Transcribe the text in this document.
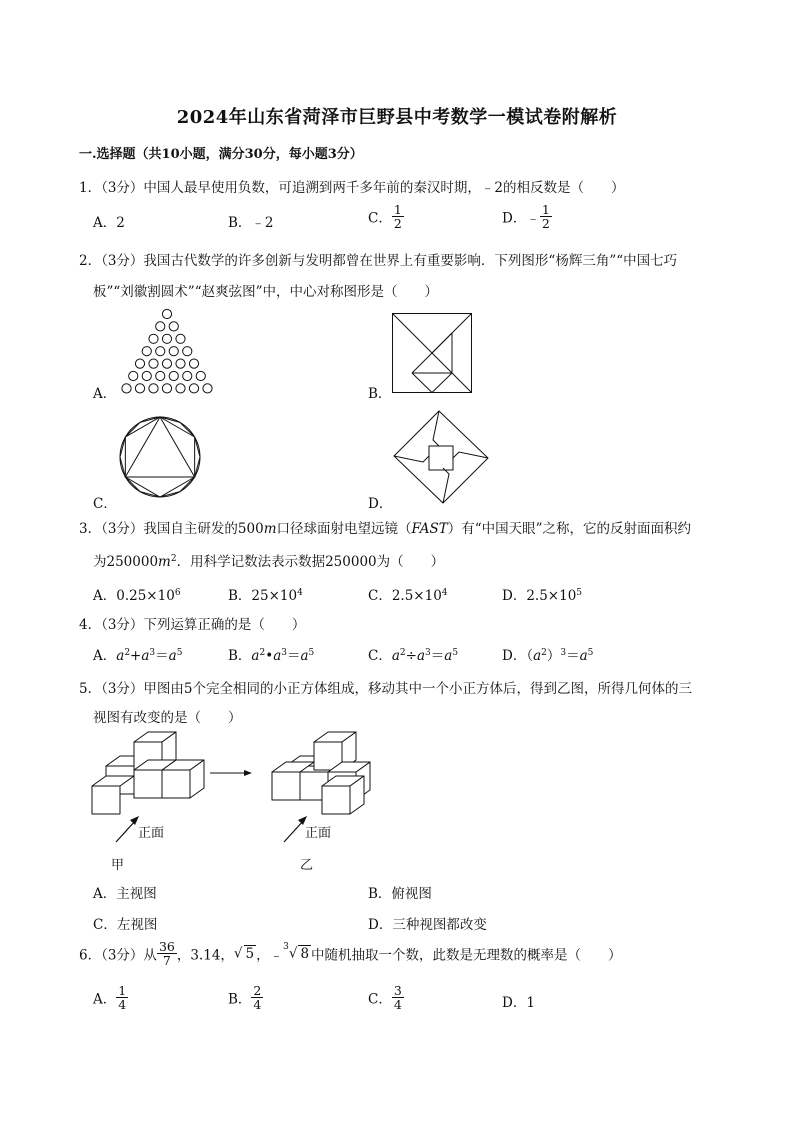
2024年山东省菏泽市巨野县中考数学一模试卷附解析
一.选择题（共10小题，满分30分，每小题3分）
1．（3分）中国人最早使用负数，可追溯到两千多年前的秦汉时期，﹣2的相反数是（　　）
A．2	B．﹣2	C． $\frac{1}{2}$	D．﹣ $\frac{1}{2}$
2．（3分）我国古代数学的许多创新与发明都曾在世界上有重要影响．下列图形“杨辉三角”“中国七巧
板”“刘徽割圆术”“赵爽弦图”中，中心对称图形是（　　）
A．	B．
C．	D．
3．（3分）我国自主研发的500m口径球面射电望远镜（FAST）有“中国天眼”之称，它的反射面面积约
为$250000m^2$．用科学记数法表示数据250000为（　　）
A．$0.25\times 10^6$	B．$25\times 10^4$	C．$2.5\times 10^4$	D．$2.5\times 10^5$
4．（3分）下列运算正确的是（　　）
A．$a^2+a^3=a^5$	B．$a^2•a^3=a^5$	C．$a^2\div a^3=a^5$	D．$(a^2)^3=a^5$
5．（3分）甲图由5个完全相同的小正方体组成，移动其中一个小正方体后，得到乙图，所得几何体的三
视图有改变的是（　　）
正面
甲
正面
乙
A．主视图	B．俯视图
C．左视图	D．三种视图都改变
6．（3分）从 $\frac{36}{7}$ ，3.14，√ 5 ，﹣$^3$√ 8 中随机抽取一个数，此数是无理数的概率是（　　）
A． $\frac{1}{4}$	B． $\frac{2}{4}$	C． $\frac{3}{4}$	D．1
